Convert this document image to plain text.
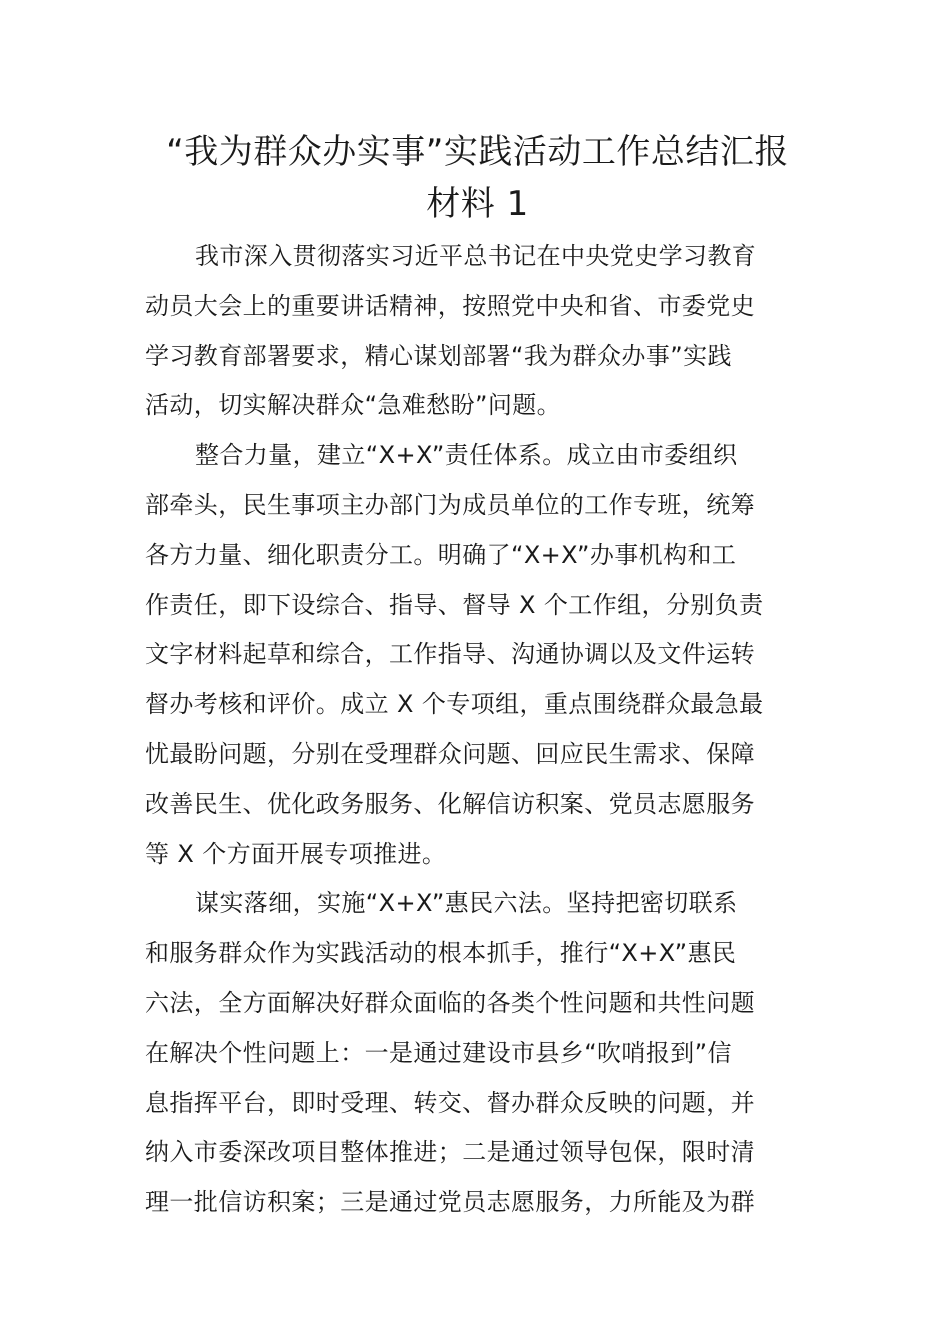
“我为群众办实事”实践活动工作总结汇报
材料 1
我市深入贯彻落实习近平总书记在中央党史学习教育
动员大会上的重要讲话精神，按照党中央和省、市委党史
学习教育部署要求，精心谋划部署“我为群众办事”实践
活动，切实解决群众“急难愁盼”问题。
整合力量，建立“X+X”责任体系。成立由市委组织
部牵头，民生事项主办部门为成员单位的工作专班，统筹
各方力量、细化职责分工。明确了“X+X”办事机构和工
作责任，即下设综合、指导、督导 X 个工作组，分别负责
文字材料起草和综合，工作指导、沟通协调以及文件运转
督办考核和评价。成立 X 个专项组，重点围绕群众最急最
忧最盼问题，分别在受理群众问题、回应民生需求、保障
改善民生、优化政务服务、化解信访积案、党员志愿服务
等 X 个方面开展专项推进。
谋实落细，实施“X+X”惠民六法。坚持把密切联系
和服务群众作为实践活动的根本抓手，推行“X+X”惠民
六法，全方面解决好群众面临的各类个性问题和共性问题
在解决个性问题上：一是通过建设市县乡“吹哨报到”信
息指挥平台，即时受理、转交、督办群众反映的问题，并
纳入市委深改项目整体推进；二是通过领导包保，限时清
理一批信访积案；三是通过党员志愿服务，力所能及为群
